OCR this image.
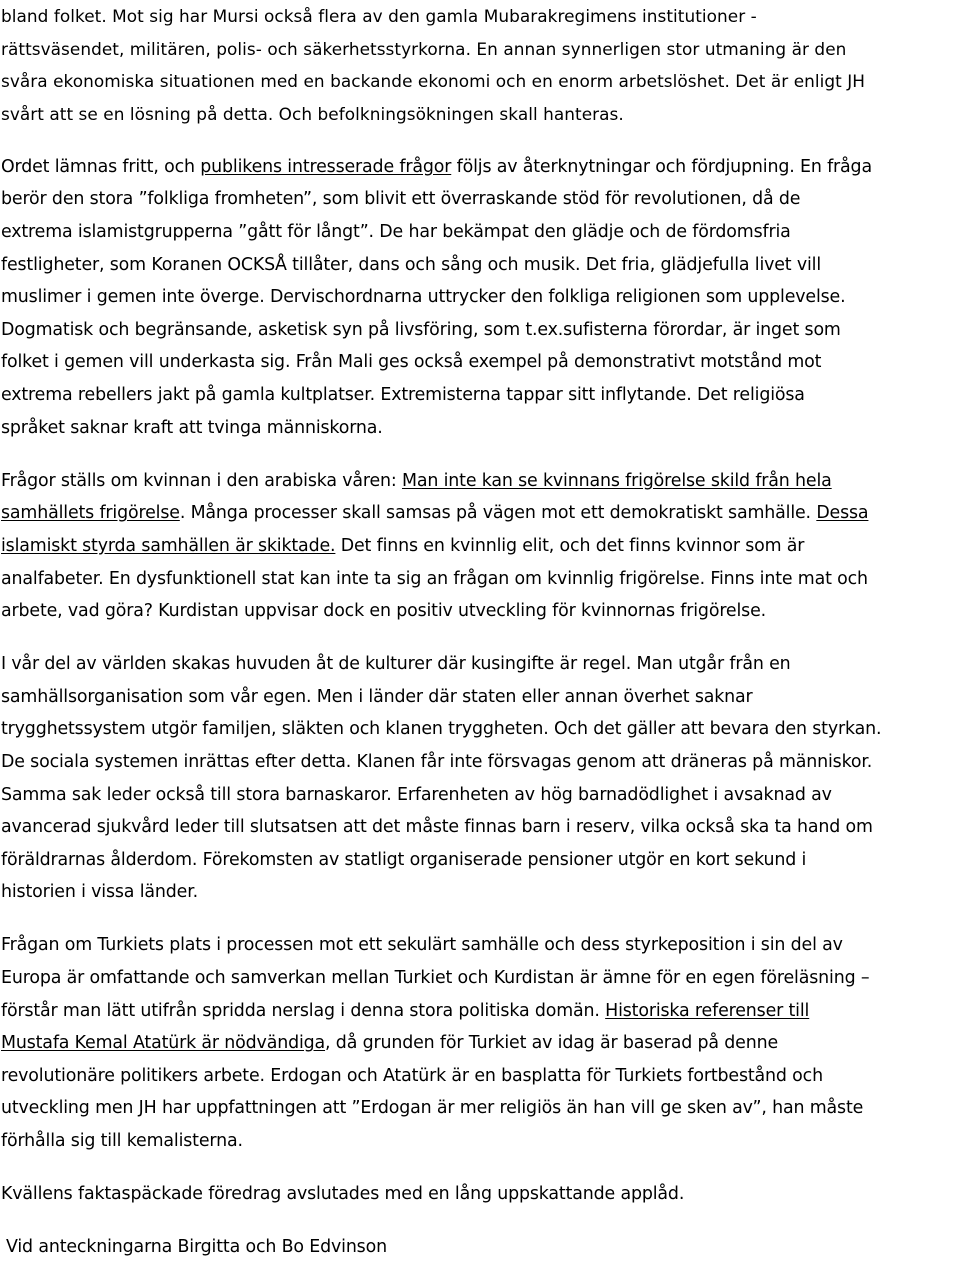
bland folket. Mot sig har Mursi också flera av den gamla Mubarakregimens institutioner -
rättsväsendet, militären, polis- och säkerhetsstyrkorna. En annan synnerligen stor utmaning är den
svåra ekonomiska situationen med en backande ekonomi och en enorm arbetslöshet. Det är enligt JH
svårt att se en lösning på detta. Och befolkningsökningen skall hanteras.
Ordet lämnas fritt, och publikens intresserade frågor följs av återknytningar och fördjupning. En fråga
berör den stora ”folkliga fromheten”, som blivit ett överraskande stöd för revolutionen, då de
extrema islamistgrupperna ”gått för långt”. De har bekämpat den glädje och de fördomsfria
festligheter, som Koranen OCKSÅ tillåter, dans och sång och musik. Det fria, glädjefulla livet vill
muslimer i gemen inte överge. Dervischordnarna uttrycker den folkliga religionen som upplevelse.
Dogmatisk och begränsande, asketisk syn på livsföring, som t.ex.sufisterna förordar, är inget som
folket i gemen vill underkasta sig. Från Mali ges också exempel på demonstrativt motstånd mot
extrema rebellers jakt på gamla kultplatser. Extremisterna tappar sitt inflytande. Det religiösa
språket saknar kraft att tvinga människorna.
Frågor ställs om kvinnan i den arabiska våren: Man inte kan se kvinnans frigörelse skild från hela
samhällets frigörelse. Många processer skall samsas på vägen mot ett demokratiskt samhälle. Dessa
islamiskt styrda samhällen är skiktade. Det finns en kvinnlig elit, och det finns kvinnor som är
analfabeter. En dysfunktionell stat kan inte ta sig an frågan om kvinnlig frigörelse. Finns inte mat och
arbete, vad göra? Kurdistan uppvisar dock en positiv utveckling för kvinnornas frigörelse.
I vår del av världen skakas huvuden åt de kulturer där kusingifte är regel. Man utgår från en
samhällsorganisation som vår egen. Men i länder där staten eller annan överhet saknar
trygghetssystem utgör familjen, släkten och klanen tryggheten. Och det gäller att bevara den styrkan.
De sociala systemen inrättas efter detta. Klanen får inte försvagas genom att dräneras på människor.
Samma sak leder också till stora barnaskaror. Erfarenheten av hög barnadödlighet i avsaknad av
avancerad sjukvård leder till slutsatsen att det måste finnas barn i reserv, vilka också ska ta hand om
föräldrarnas ålderdom. Förekomsten av statligt organiserade pensioner utgör en kort sekund i
historien i vissa länder.
Frågan om Turkiets plats i processen mot ett sekulärt samhälle och dess styrkeposition i sin del av
Europa är omfattande och samverkan mellan Turkiet och Kurdistan är ämne för en egen föreläsning –
förstår man lätt utifrån spridda nerslag i denna stora politiska domän. Historiska referenser till
Mustafa Kemal Atatürk är nödvändiga, då grunden för Turkiet av idag är baserad på denne
revolutionäre politikers arbete. Erdogan och Atatürk är en basplatta för Turkiets fortbestånd och
utveckling men JH har uppfattningen att ”Erdogan är mer religiös än han vill ge sken av”, han måste
förhålla sig till kemalisterna.
Kvällens faktaspäckade föredrag avslutades med en lång uppskattande applåd.
Vid anteckningarna Birgitta och Bo Edvinson
